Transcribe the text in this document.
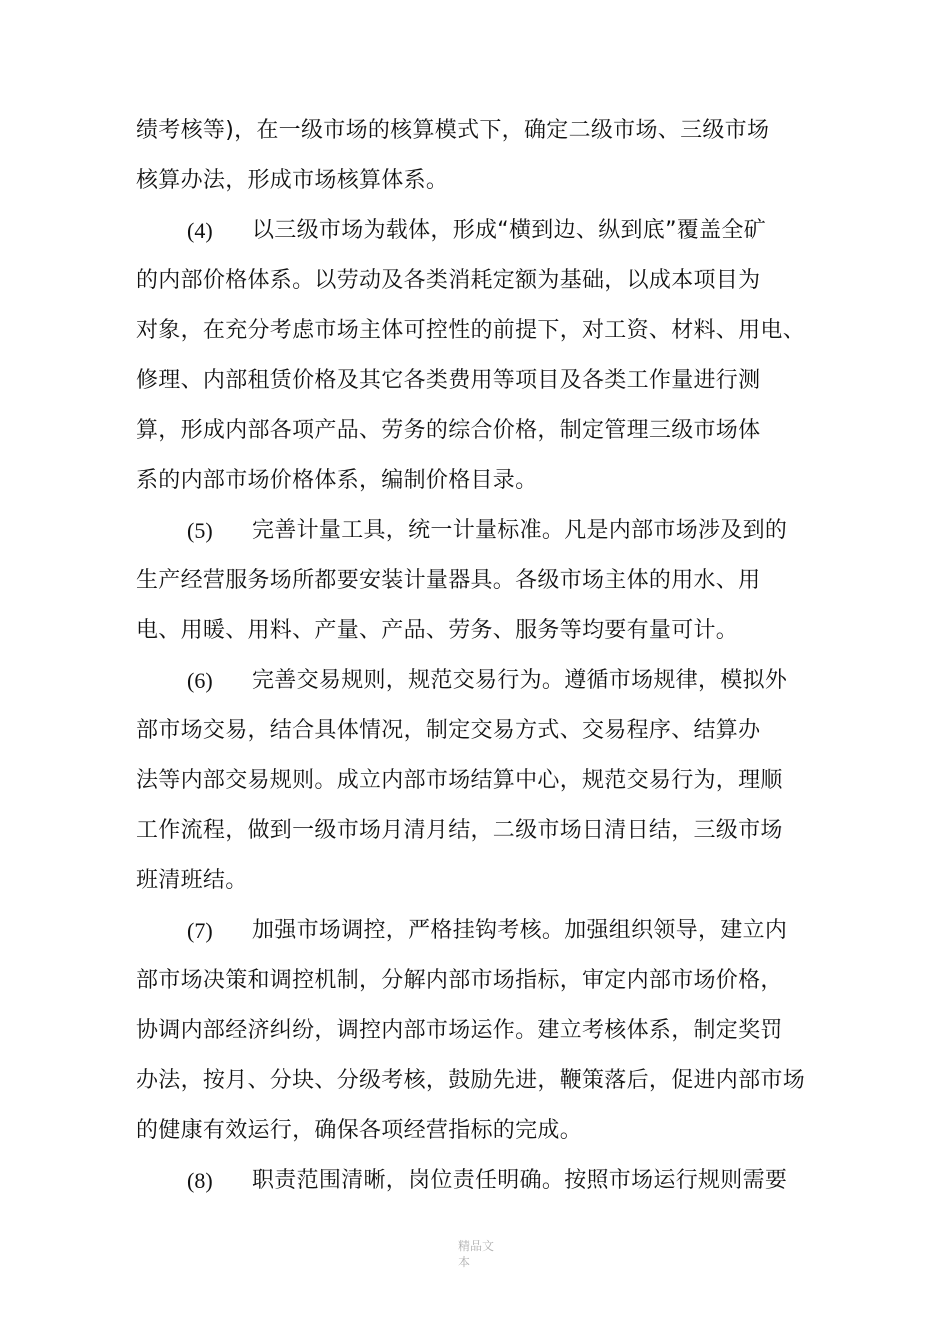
绩考核等)，在一级市场的核算模式下，确定二级市场、三级市场
核算办法，形成市场核算体系。
(4) 以三级市场为载体，形成“横到边、纵到底”覆盖全矿
的内部价格体系。以劳动及各类消耗定额为基础，以成本项目为
对象，在充分考虑市场主体可控性的前提下，对工资、材料、用电、
修理、内部租赁价格及其它各类费用等项目及各类工作量进行测
算，形成内部各项产品、劳务的综合价格，制定管理三级市场体
系的内部市场价格体系，编制价格目录。
(5) 完善计量工具，统一计量标准。凡是内部市场涉及到的
生产经营服务场所都要安装计量器具。各级市场主体的用水、用
电、用暖、用料、产量、产品、劳务、服务等均要有量可计。
(6) 完善交易规则，规范交易行为。遵循市场规律，模拟外
部市场交易，结合具体情况，制定交易方式、交易程序、结算办
法等内部交易规则。成立内部市场结算中心，规范交易行为，理顺
工作流程，做到一级市场月清月结，二级市场日清日结，三级市场
班清班结。
(7) 加强市场调控，严格挂钩考核。加强组织领导，建立内
部市场决策和调控机制，分解内部市场指标，审定内部市场价格，
协调内部经济纠纷，调控内部市场运作。建立考核体系，制定奖罚
办法，按月、分块、分级考核，鼓励先进，鞭策落后，促进内部市场
的健康有效运行，确保各项经营指标的完成。
(8) 职责范围清晰，岗位责任明确。按照市场运行规则需要
精品文
本
